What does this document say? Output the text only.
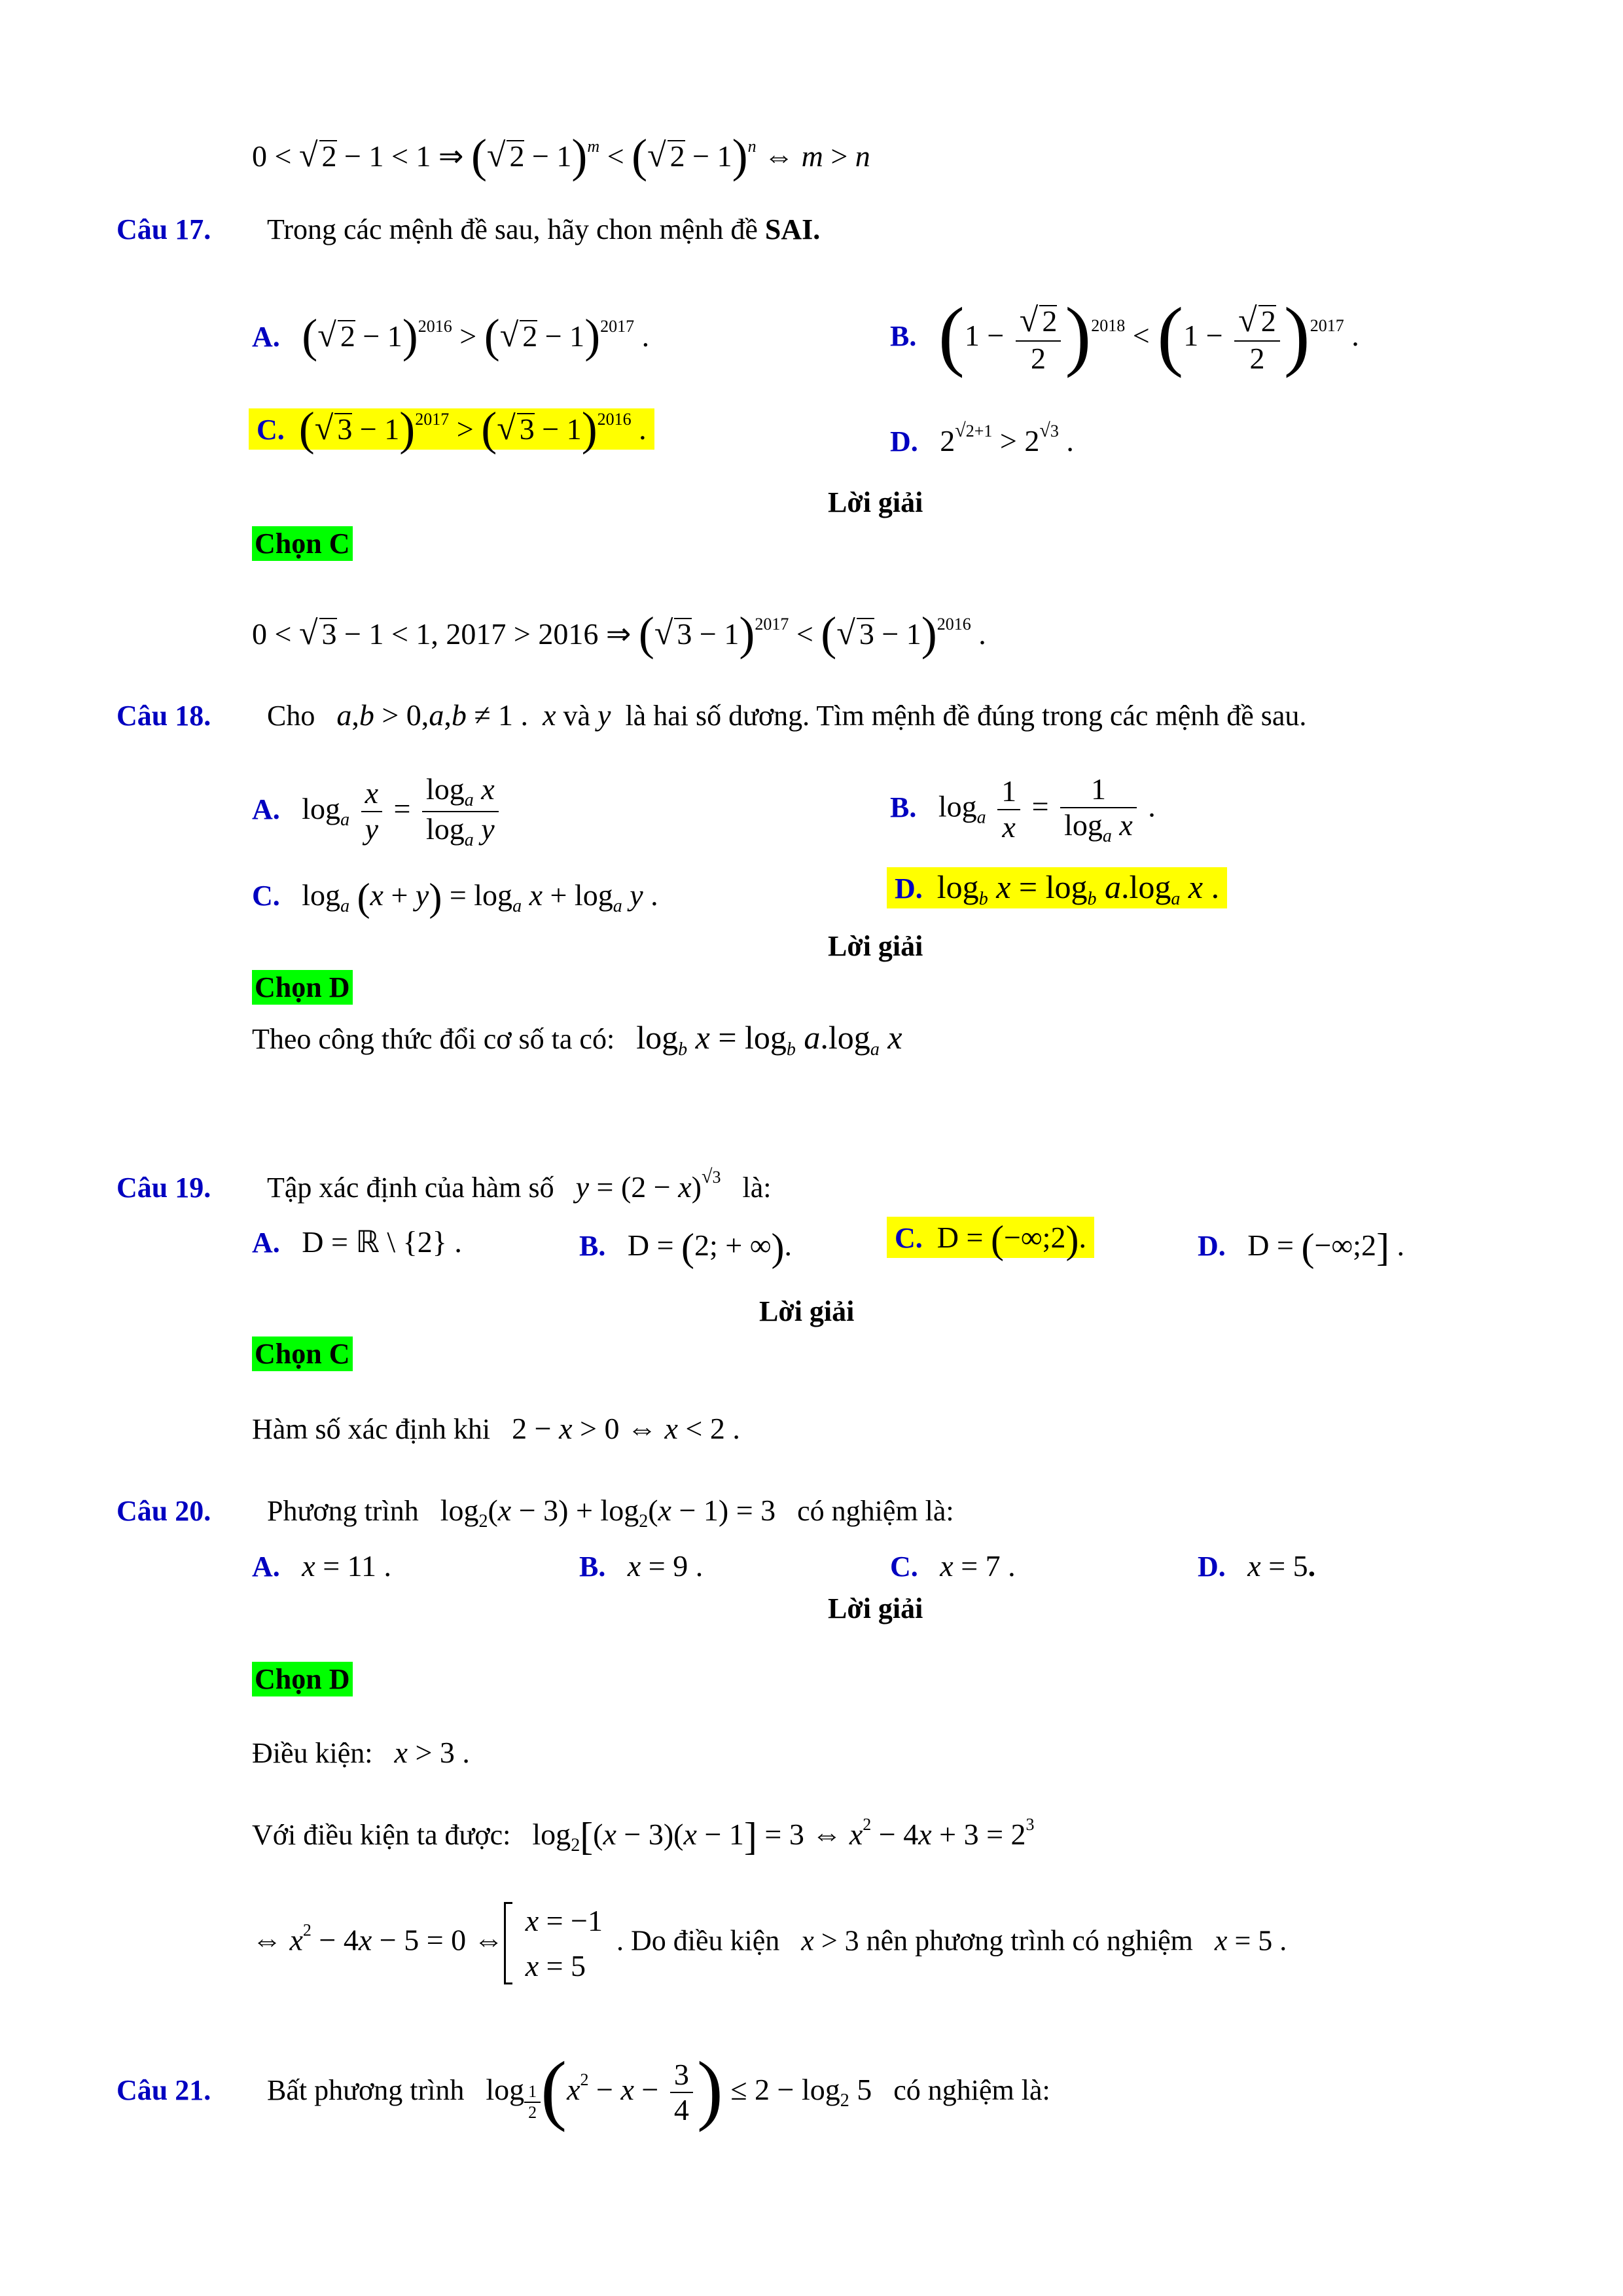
0 < √ 2 − 1 < 1 ⇒ (√ 2 − 1)$^m$ < (√ 2 − 1)$^n$ ⇔ m > n
Câu 17. Trong các mệnh đề sau, hãy chon mệnh đề SAI.
A. (√ 2 − 1)$^{2016}$ > (√ 2 − 1)$^{2017}$ .	B. $(1 - \frac{√ 2}{2} )^{2018} < (1 - \frac{√ 2}{2} )^{2017}$ .
C. (√ 3 − 1)$^{2017}$ > (√ 3 − 1)$^{2016}$ .	D. $2^{√2+1} > 2^{√3}$ .
Lời giải
Chọn C
0 < √ 3 − 1 < 1, 2017 > 2016 ⇒ (√ 3 − 1)$^{2017}$ < (√ 3 − 1)$^{2016}$ .
Câu 18. Cho a,b > 0,a,b ≠ 1 . x và y là hai số dương. Tìm mệnh đề đúng trong các mệnh đề sau.
A. $\log_a \frac{x}{y} = \frac{\log_a x}{\log_a y}$	B. $\log_a \frac{1}{x} = \frac{1}{\log_a x}$ .
C. $\log_a (x + y) = \log_a x + \log_a y$ .	D. $\log_b x = \log_b a.\log_a$ x .
Lời giải
Chọn D
Theo công thức đổi cơ số ta có: $\log_b x = \log_b a.\log_a$ x
Câu 19. Tập xác định của hàm số $y = (2 - x)^{√3}$ là:
A. D = ℝ \ {2} .	B. D = (2; + ∞).	C. D = (−∞;2).	D. D = (−∞;2] .
Lời giải
Chọn C
Hàm số xác định khi 2 − x > 0 ⇔ x < 2 .
Câu 20. Phương trình $\log_2(x - 3) + \log_2(x - 1) = 3$ có nghiệm là:
A. x = 11 .	B. x = 9 .	C. x = 7 .	D. x = 5.
Lời giải
Chọn D
Điều kiện: x > 3 .
Với điều kiện ta được: $\log_2[(x - 3)(x - 1] = 3$ ⇔ $x^2 - 4x + 3 = 2^3$
⇔ $x^2 - 4x - 5 = 0$ ⇔
x = −1
x = 5
. Do điều kiện   x > 3 nên phương trình có nghiệm   x = 5 .
Câu 21. Bất phương trình log $_{\frac{1}{2}}$ ($x^2 - x - \frac{3}{4}$ ) ≤ $2 - \log_2 5$ có nghiệm là:
